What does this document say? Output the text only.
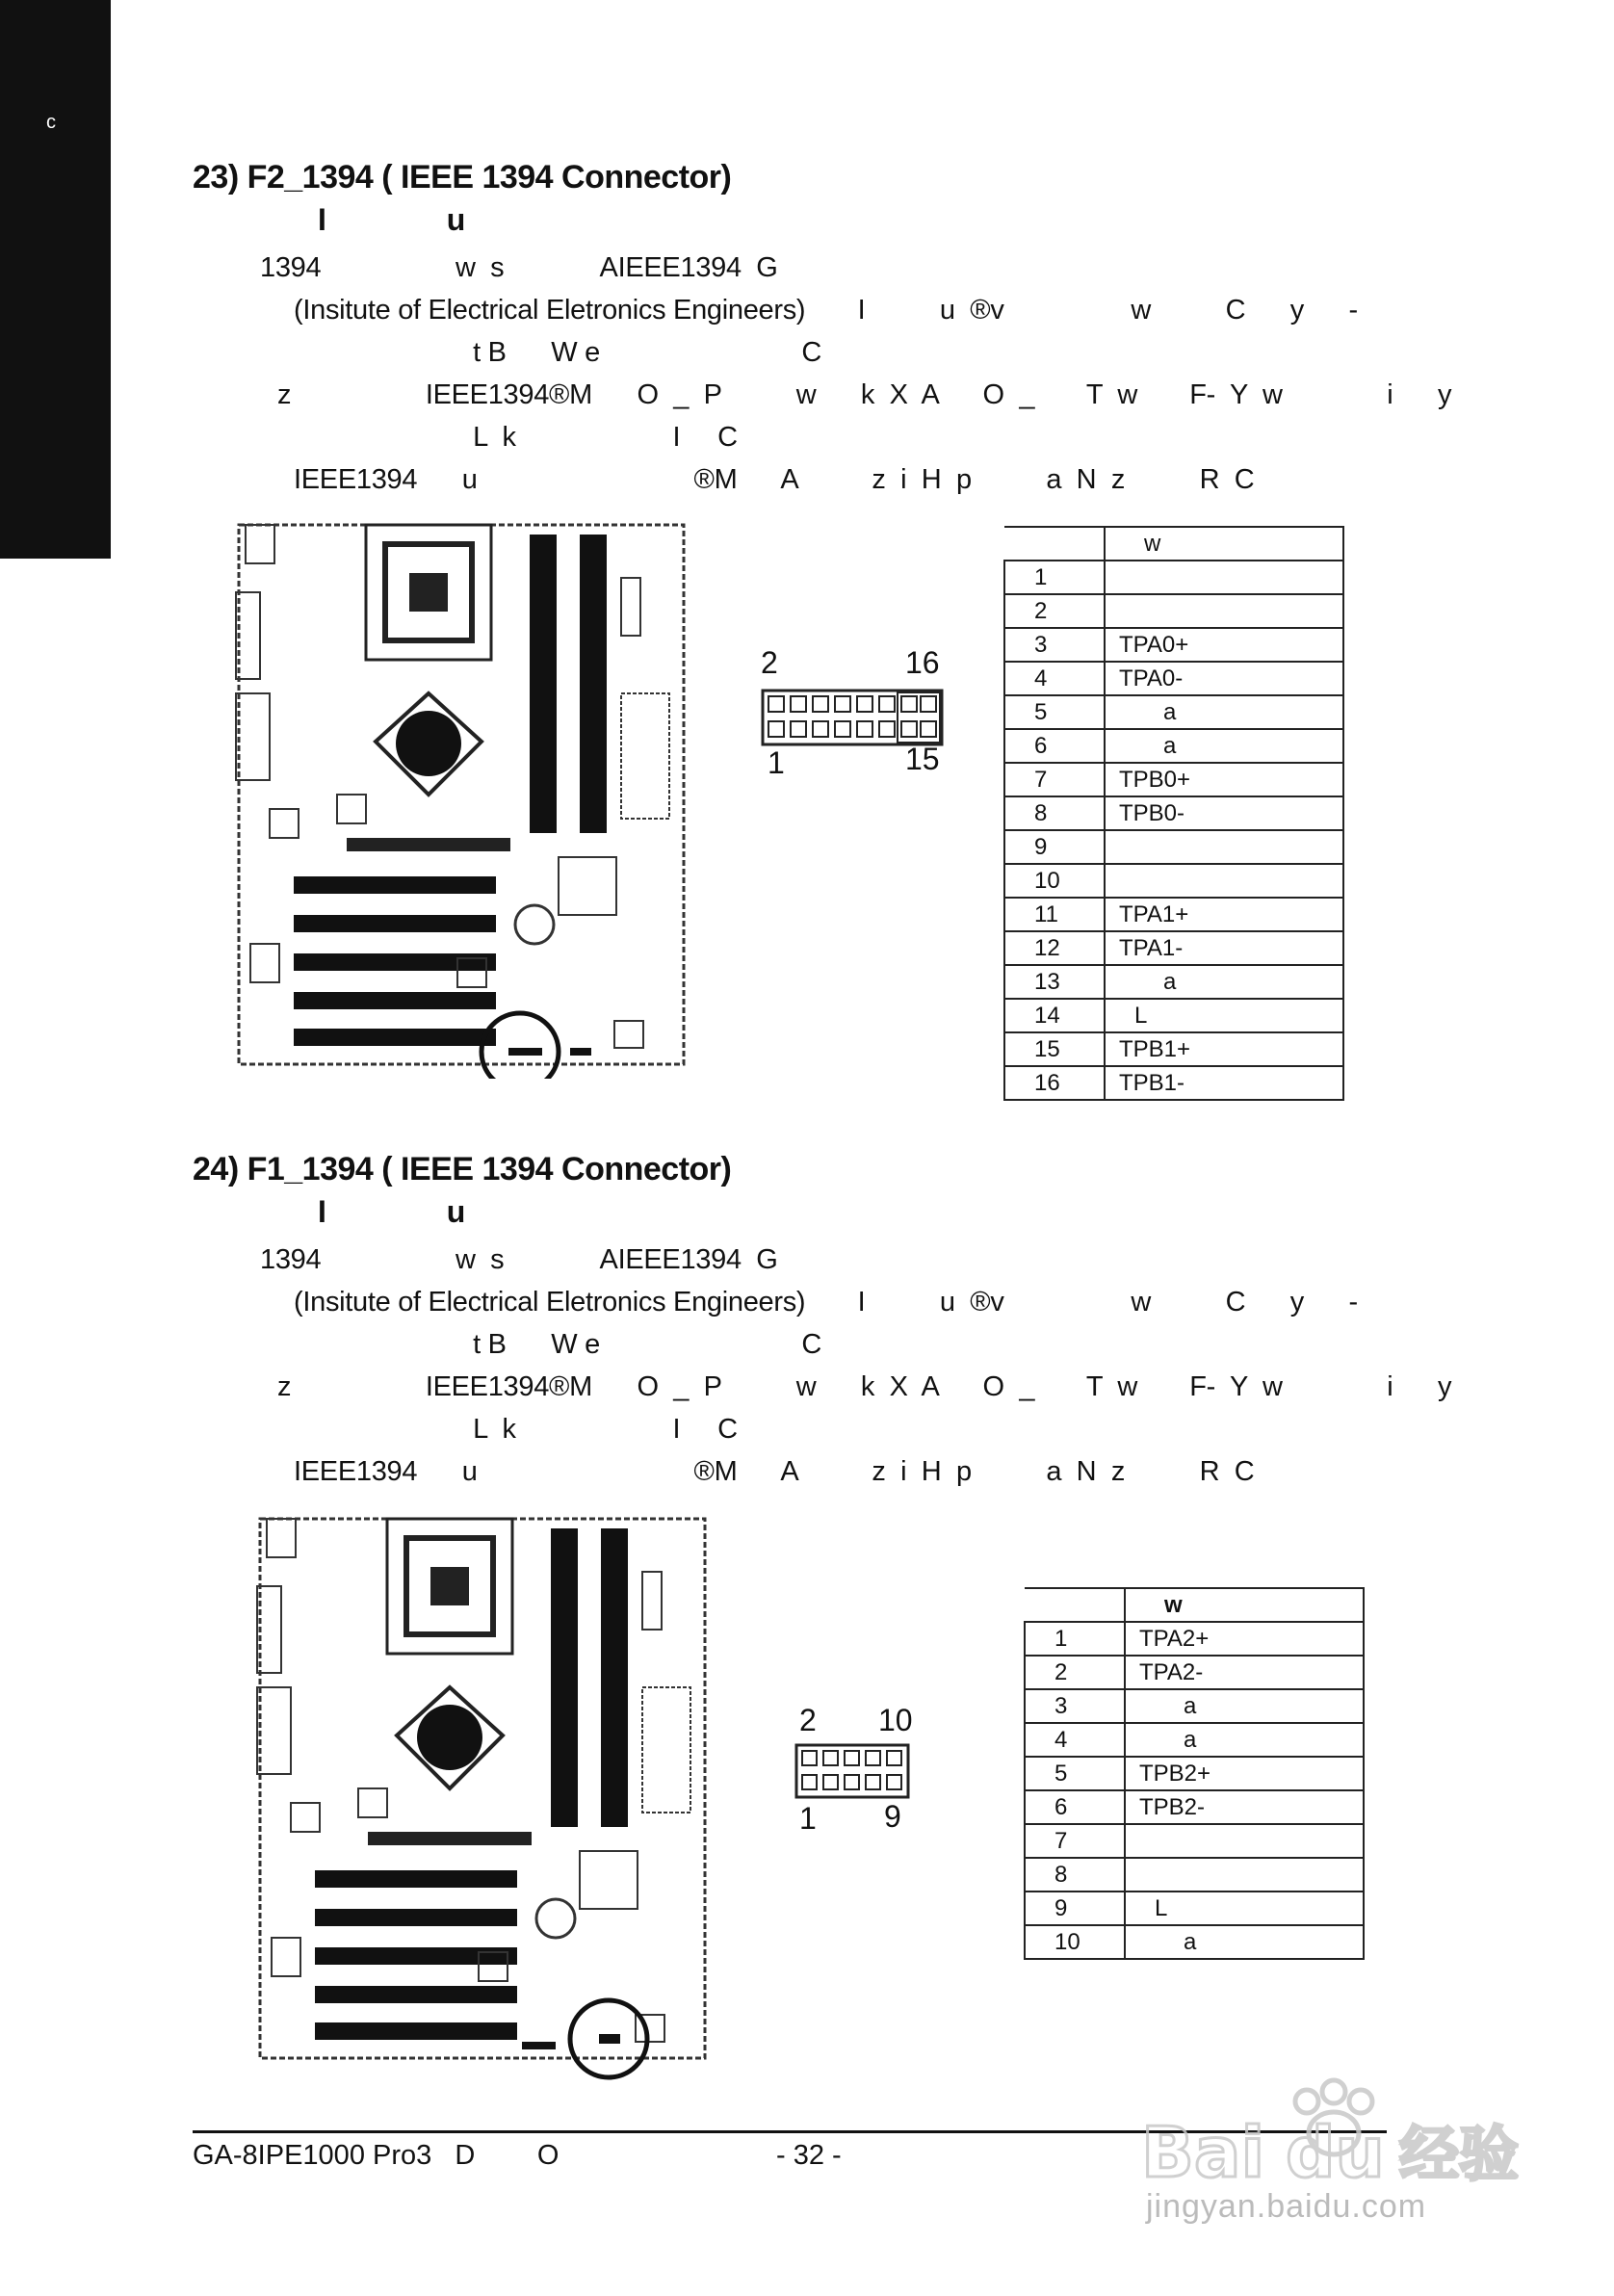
c
23) F2_1394 ( IEEE 1394 Connector)
I u
1394                  w  s             AIEEE1394  G
(Insitute of Electrical Eletronics Engineers)       I          u  ®v                 w          C      y      -
t B      W e                           C
z                  IEEE1394®M      O  _  P          w      k  X  A      O  _       T  w       F-  Y  w              i      y
L  k                     I     C
IEEE1394      u                             ®M      A          z  i  H  p          a  N  z          R  C
2	16
1	15
	w
1	
2	
3	TPA0+
4	TPA0-
5	a
6	a
7	TPB0+
8	TPB0-
9	
10	
11	TPA1+
12	TPA1-
13	a
14	L
15	TPB1+
16	TPB1-
24) F1_1394 ( IEEE 1394 Connector)
I u
1394                  w  s             AIEEE1394  G
(Insitute of Electrical Eletronics Engineers)       I          u  ®v                 w          C      y      -
t B      W e                           C
z                  IEEE1394®M      O  _  P          w      k  X  A      O  _       T  w       F-  Y  w              i      y
L  k                     I     C
IEEE1394      u                             ®M      A          z  i  H  p          a  N  z          R  C
2 10
1 9
	w
1	TPA2+
2	TPA2-
3	a
4	a
5	TPB2+
6	TPB2-
7	
8	
9	L
10	a
GA-8IPE1000 Pro3   D        O	- 32 -	Bai du 经验
jingyan.baidu.com
